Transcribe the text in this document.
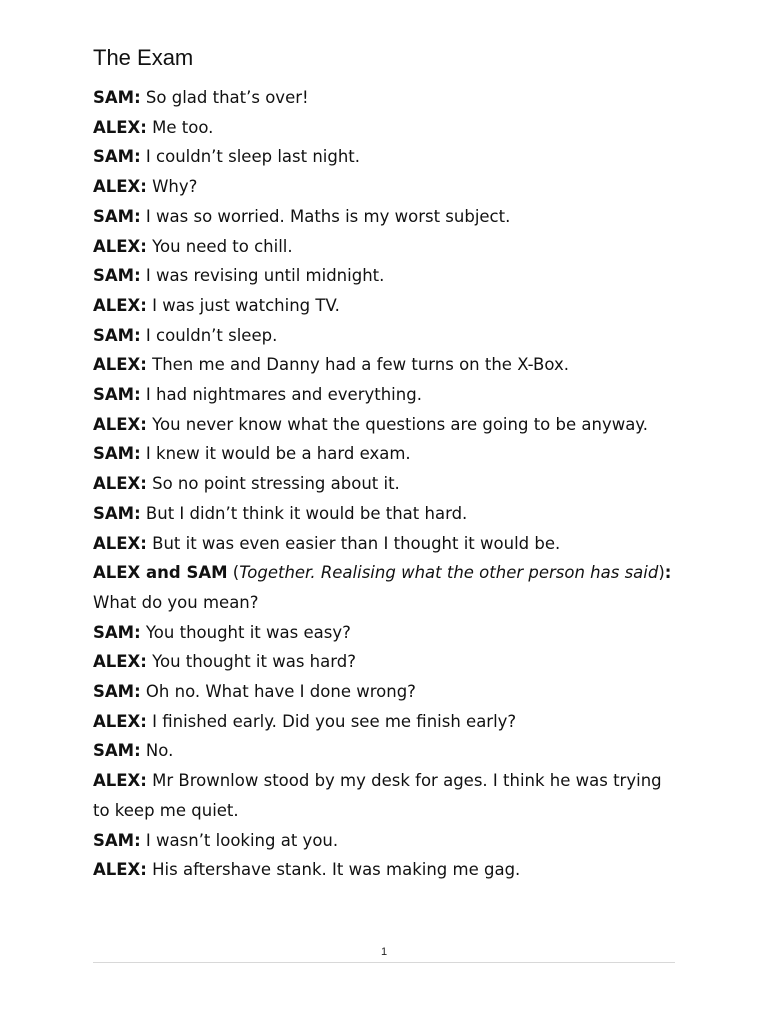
The Exam

SAM: So glad that’s over!

ALEX: Me too.

SAM: I couldn’t sleep last night.

ALEX: Why?

SAM: I was so worried. Maths is my worst subject.

ALEX: You need to chill.

SAM: I was revising until midnight.

ALEX: I was just watching TV.

SAM: I couldn’t sleep.

ALEX: Then me and Danny had a few turns on the X-Box.

SAM: I had nightmares and everything.

ALEX: You never know what the questions are going to be anyway.

SAM: I knew it would be a hard exam.

ALEX: So no point stressing about it.

SAM: But I didn’t think it would be that hard.

ALEX: But it was even easier than I thought it would be.

ALEX and SAM (Together. Realising what the other person has said): What do you mean?

SAM: You thought it was easy?

ALEX: You thought it was hard?

SAM: Oh no. What have I done wrong?

ALEX: I finished early. Did you see me finish early?

SAM: No.

ALEX: Mr Brownlow stood by my desk for ages. I think he was trying to keep me quiet.

SAM: I wasn’t looking at you.

ALEX: His aftershave stank. It was making me gag.

1
